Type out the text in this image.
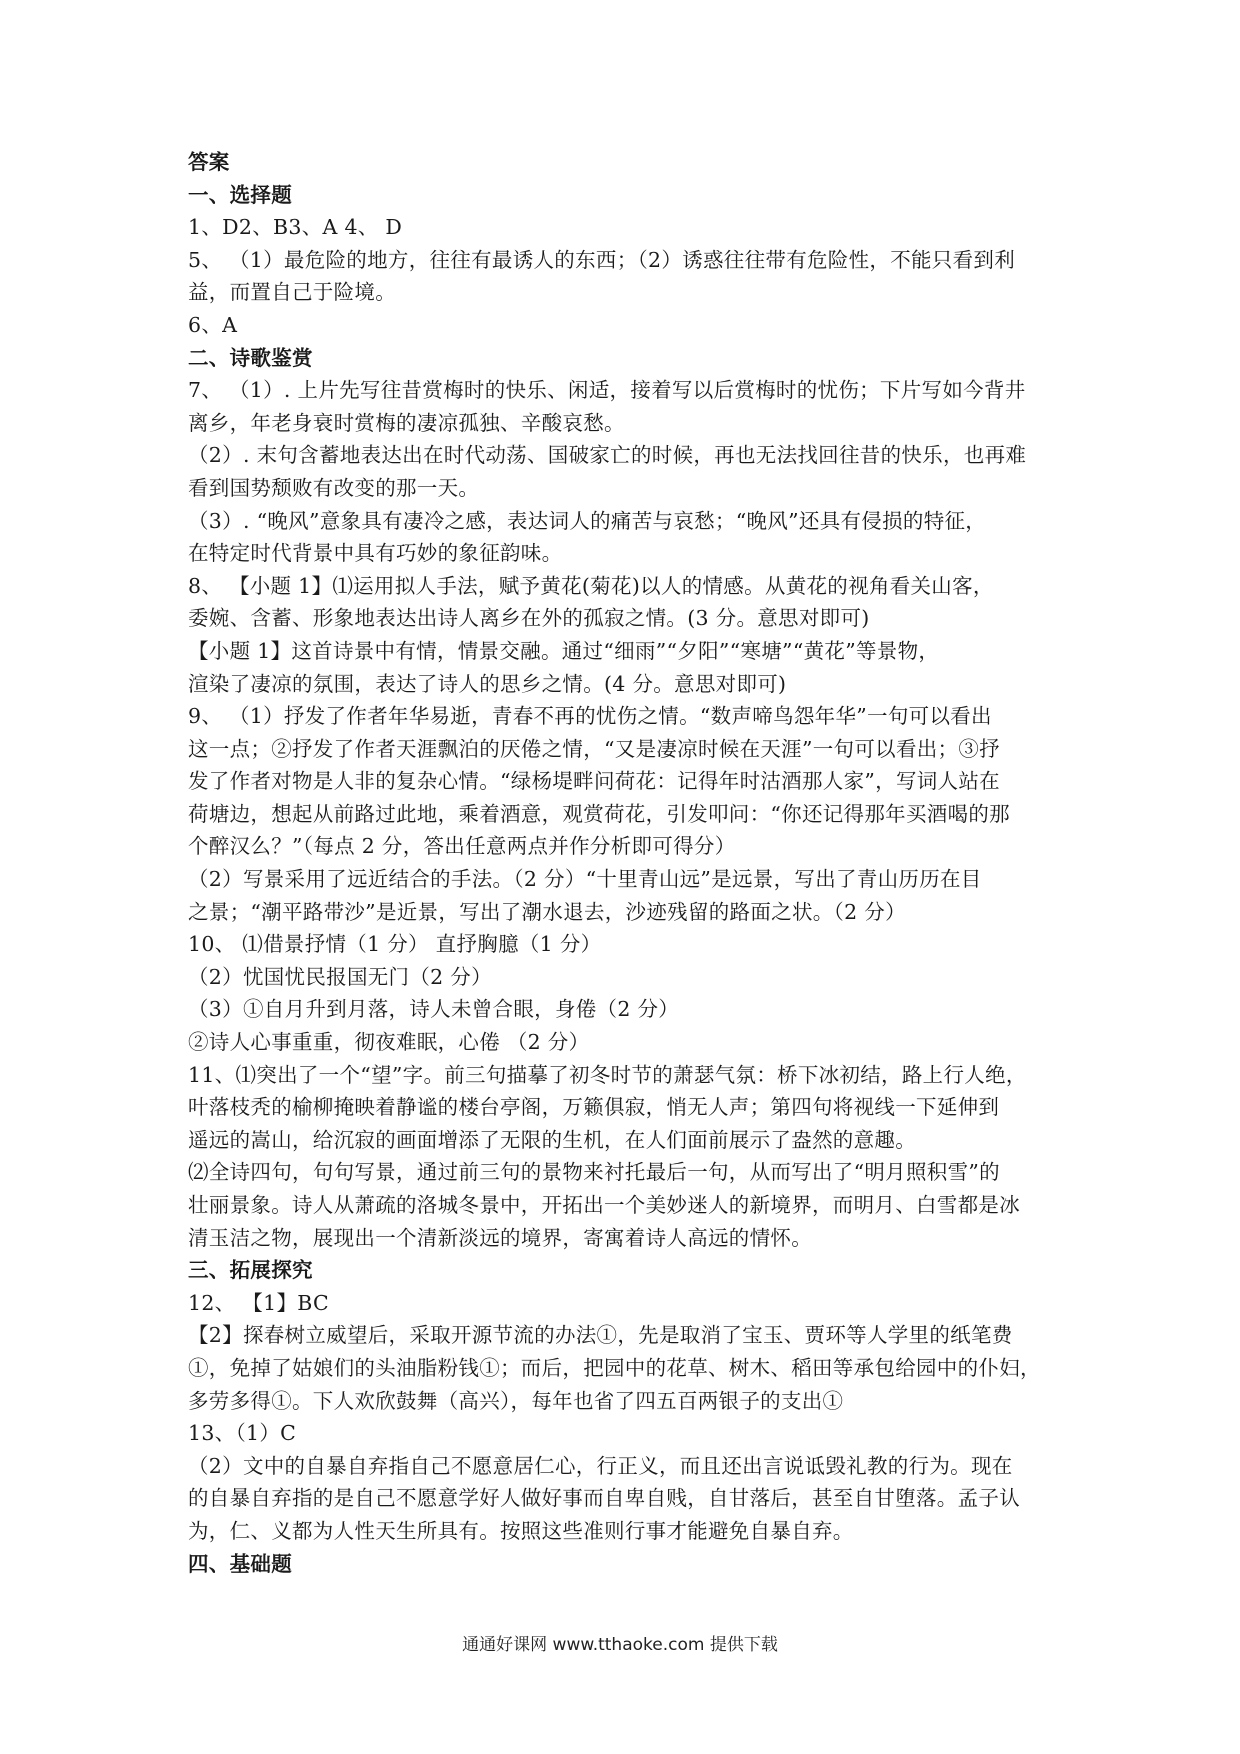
答案
一、选择题
1、D2、B3、A 4、 D
5、 （1）最危险的地方，往往有最诱人的东西；（2）诱惑往往带有危险性，不能只看到利
益，而置自己于险境。
6、A
二、诗歌鉴赏
7、 （1）. 上片先写往昔赏梅时的快乐、闲适，接着写以后赏梅时的忧伤；下片写如今背井
离乡，年老身衰时赏梅的凄凉孤独、辛酸哀愁。
（2）. 末句含蓄地表达出在时代动荡、国破家亡的时候，再也无法找回往昔的快乐，也再难
看到国势颓败有改变的那一天。
（3）. “晚风”意象具有凄冷之感，表达词人的痛苦与哀愁；“晚风”还具有侵损的特征，
在特定时代背景中具有巧妙的象征韵味。
8、 【小题 1】⑴运用拟人手法，赋予黄花(菊花)以人的情感。从黄花的视角看关山客，
委婉、含蓄、形象地表达出诗人离乡在外的孤寂之情。(3 分。意思对即可)
【小题 1】这首诗景中有情，情景交融。通过“细雨”“夕阳”“寒塘”“黄花”等景物，
渲染了凄凉的氛围，表达了诗人的思乡之情。(4 分。意思对即可)
9、 （1）抒发了作者年华易逝，青春不再的忧伤之情。“数声啼鸟怨年华”一句可以看出
这一点；②抒发了作者天涯飘泊的厌倦之情，“又是凄凉时候在天涯”一句可以看出；③抒
发了作者对物是人非的复杂心情。“绿杨堤畔问荷花：记得年时沽酒那人家”，写词人站在
荷塘边，想起从前路过此地，乘着酒意，观赏荷花，引发叩问：“你还记得那年买酒喝的那
个醉汉么？”（每点 2 分，答出任意两点并作分析即可得分）
（2）写景采用了远近结合的手法。（2 分）“十里青山远”是远景，写出了青山历历在目
之景；“潮平路带沙”是近景，写出了潮水退去，沙迹残留的路面之状。（2 分）
10、 ⑴借景抒情（1 分） 直抒胸臆（1 分）
（2）忧国忧民报国无门（2 分）
（3）①自月升到月落，诗人未曾合眼，身倦（2 分）
②诗人心事重重，彻夜难眠，心倦 （2 分）
11、⑴突出了一个“望”字。前三句描摹了初冬时节的萧瑟气氛：桥下冰初结，路上行人绝，
叶落枝秃的榆柳掩映着静谧的楼台亭阁，万籁俱寂，悄无人声；第四句将视线一下延伸到
遥远的嵩山，给沉寂的画面增添了无限的生机，在人们面前展示了盎然的意趣。
⑵全诗四句，句句写景，通过前三句的景物来衬托最后一句，从而写出了“明月照积雪”的
壮丽景象。诗人从萧疏的洛城冬景中，开拓出一个美妙迷人的新境界，而明月、白雪都是冰
清玉洁之物，展现出一个清新淡远的境界，寄寓着诗人高远的情怀。
三、拓展探究
12、 【1】BC
【2】探春树立威望后，采取开源节流的办法①，先是取消了宝玉、贾环等人学里的纸笔费
①，免掉了姑娘们的头油脂粉钱①；而后，把园中的花草、树木、稻田等承包给园中的仆妇，
多劳多得①。下人欢欣鼓舞（高兴），每年也省了四五百两银子的支出①
13、（1）C
（2）文中的自暴自弃指自己不愿意居仁心，行正义，而且还出言说诋毁礼教的行为。现在
的自暴自弃指的是自己不愿意学好人做好事而自卑自贱，自甘落后，甚至自甘堕落。孟子认
为，仁、义都为人性天生所具有。按照这些准则行事才能避免自暴自弃。
四、基础题
通通好课网 www.tthaoke.com 提供下载
